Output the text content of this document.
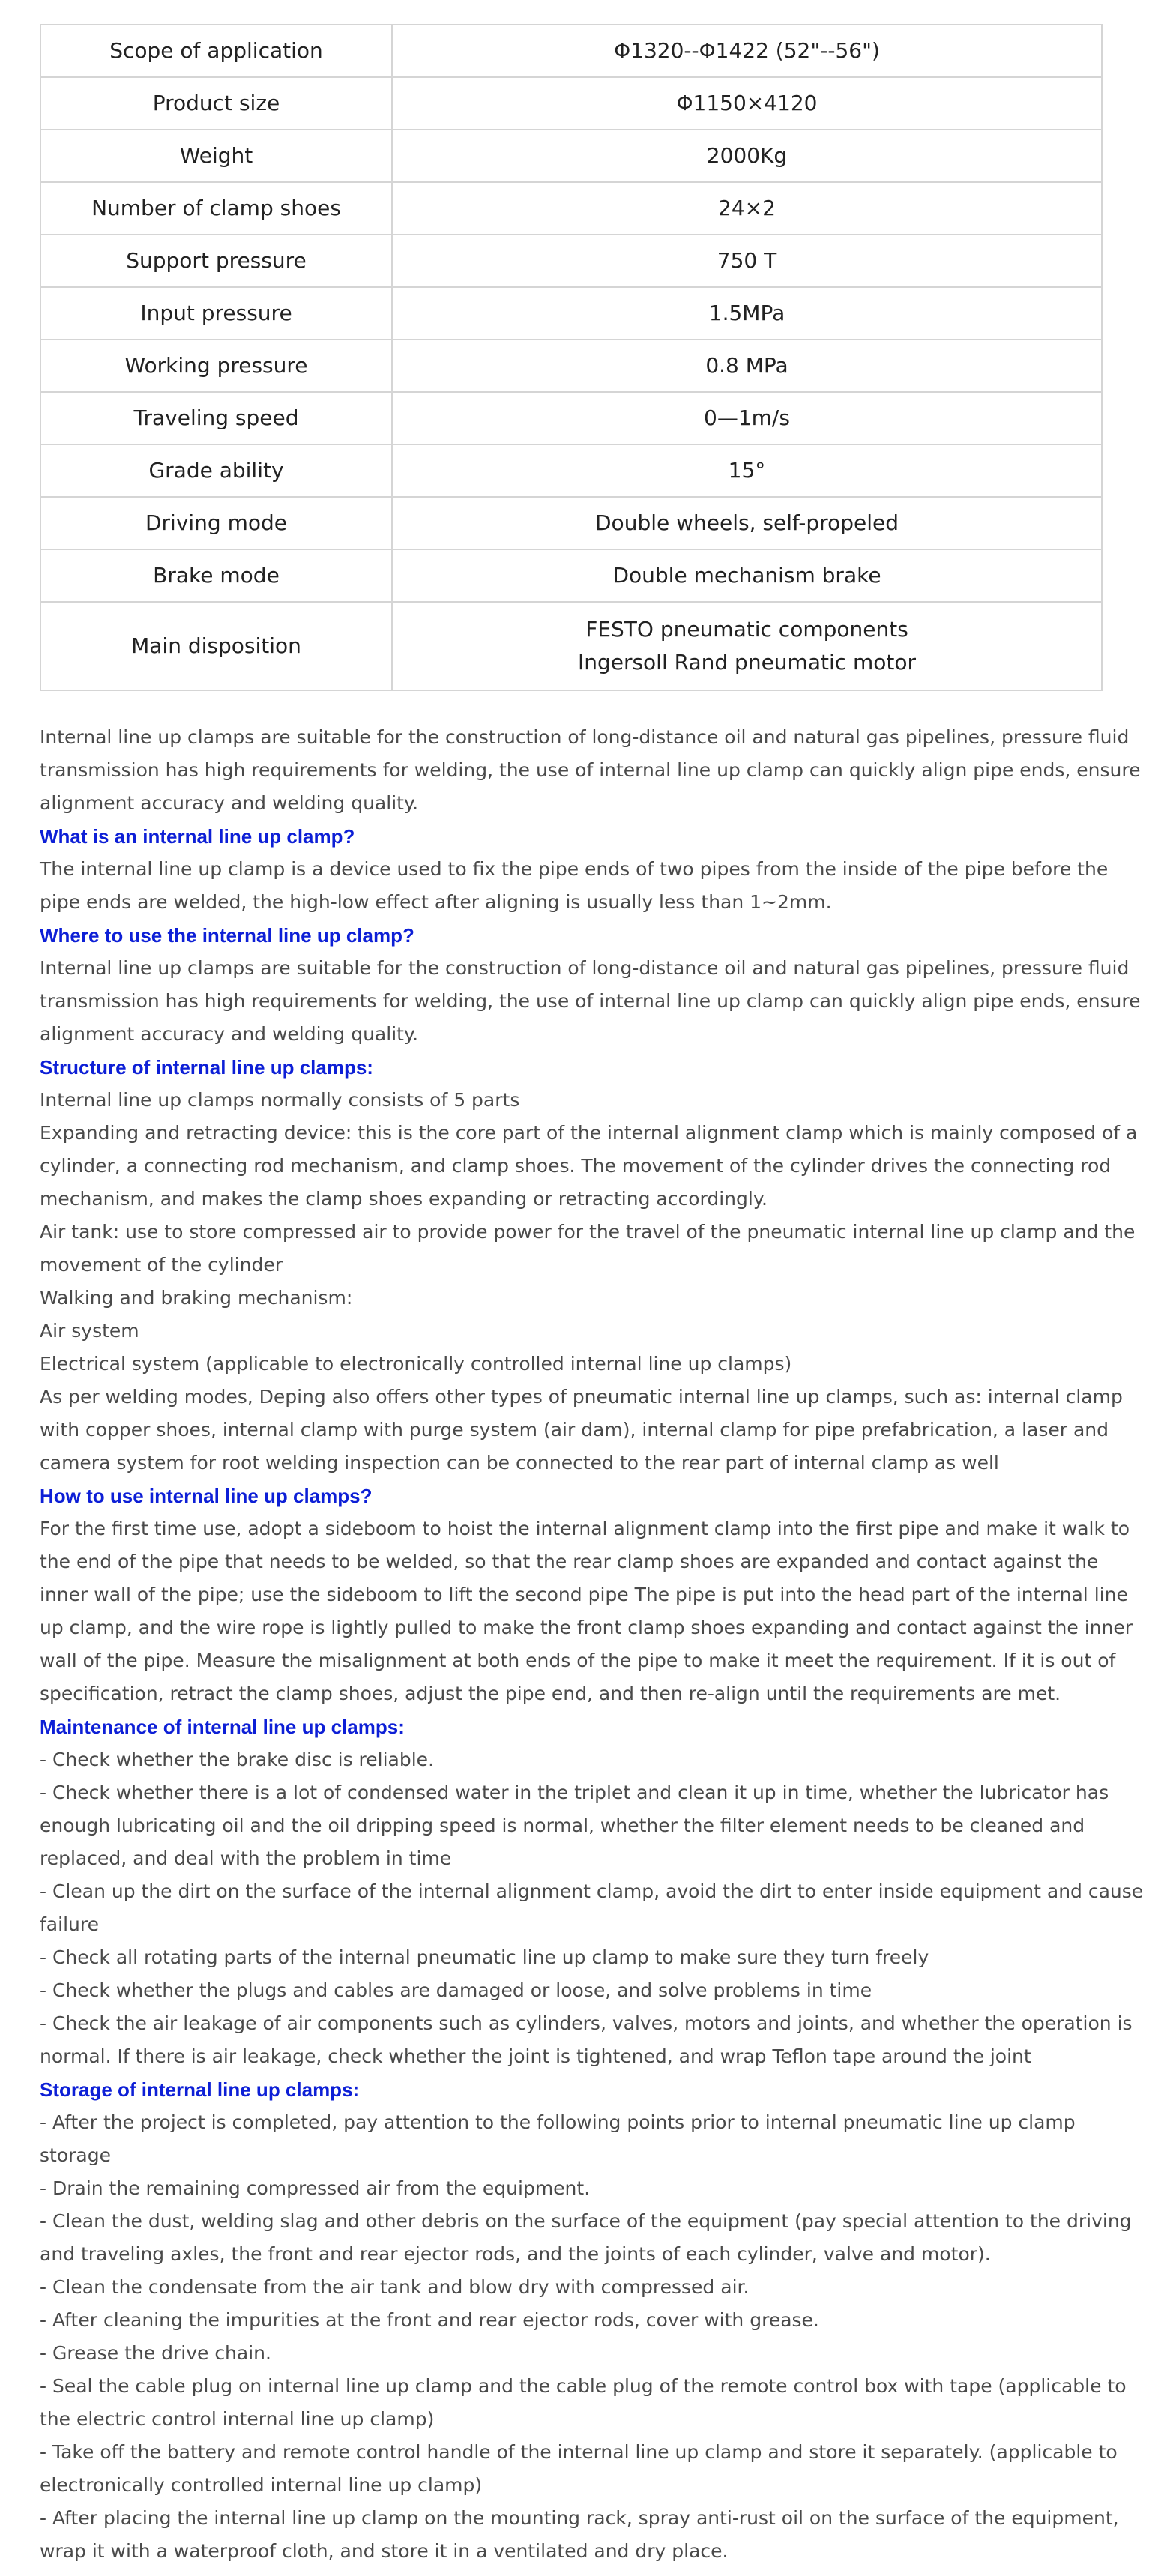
Scope of application	Φ1320--Φ1422 (52"--56")

Product size	Φ1150×4120

Weight	2000Kg

Number of clamp shoes	24×2

Support pressure	750 T

Input pressure	1.5MPa

Working pressure	0.8 MPa

Traveling speed	0—1m/s

Grade ability	15°

Driving mode	Double wheels, self-propeled

Brake mode	Double mechanism brake

Main disposition	FESTO pneumatic components
Ingersoll Rand pneumatic motor

Internal line up clamps are suitable for the construction of long-distance oil and natural gas pipelines, pressure fluid transmission has high requirements for welding, the use of internal line up clamp can quickly align pipe ends, ensure alignment accuracy and welding quality.

What is an internal line up clamp?

The internal line up clamp is a device used to fix the pipe ends of two pipes from the inside of the pipe before the pipe ends are welded, the high-low effect after aligning is usually less than 1~2mm.

Where to use the internal line up clamp?

Internal line up clamps are suitable for the construction of long-distance oil and natural gas pipelines, pressure fluid transmission has high requirements for welding, the use of internal line up clamp can quickly align pipe ends, ensure alignment accuracy and welding quality.

Structure of internal line up clamps:

Internal line up clamps normally consists of 5 parts

Expanding and retracting device: this is the core part of the internal alignment clamp which is mainly composed of a cylinder, a connecting rod mechanism, and clamp shoes. The movement of the cylinder drives the connecting rod mechanism, and makes the clamp shoes expanding or retracting accordingly.

Air tank: use to store compressed air to provide power for the travel of the pneumatic internal line up clamp and the movement of the cylinder

Walking and braking mechanism:

Air system

Electrical system (applicable to electronically controlled internal line up clamps)

As per welding modes, Deping also offers other types of pneumatic internal line up clamps, such as: internal clamp with copper shoes, internal clamp with purge system (air dam), internal clamp for pipe prefabrication, a laser and camera system for root welding inspection can be connected to the rear part of internal clamp as well

How to use internal line up clamps?

For the first time use, adopt a sideboom to hoist the internal alignment clamp into the first pipe and make it walk to the end of the pipe that needs to be welded, so that the rear clamp shoes are expanded and contact against the inner wall of the pipe; use the sideboom to lift the second pipe The pipe is put into the head part of the internal line up clamp, and the wire rope is lightly pulled to make the front clamp shoes expanding and contact against the inner wall of the pipe. Measure the misalignment at both ends of the pipe to make it meet the requirement. If it is out of specification, retract the clamp shoes, adjust the pipe end, and then re-align until the requirements are met.

Maintenance of internal line up clamps:

- Check whether the brake disc is reliable.

- Check whether there is a lot of condensed water in the triplet and clean it up in time, whether the lubricator has enough lubricating oil and the oil dripping speed is normal, whether the filter element needs to be cleaned and replaced, and deal with the problem in time

- Clean up the dirt on the surface of the internal alignment clamp, avoid the dirt to enter inside equipment and cause failure

- Check all rotating parts of the internal pneumatic line up clamp to make sure they turn freely

- Check whether the plugs and cables are damaged or loose, and solve problems in time

- Check the air leakage of air components such as cylinders, valves, motors and joints, and whether the operation is normal. If there is air leakage, check whether the joint is tightened, and wrap Teflon tape around the joint

Storage of internal line up clamps:

- After the project is completed, pay attention to the following points prior to internal pneumatic line up clamp storage

- Drain the remaining compressed air from the equipment.

- Clean the dust, welding slag and other debris on the surface of the equipment (pay special attention to the driving and traveling axles, the front and rear ejector rods, and the joints of each cylinder, valve and motor).

- Clean the condensate from the air tank and blow dry with compressed air.

- After cleaning the impurities at the front and rear ejector rods, cover with grease.

- Grease the drive chain.

- Seal the cable plug on internal line up clamp and the cable plug of the remote control box with tape (applicable to the electric control internal line up clamp)

- Take off the battery and remote control handle of the internal line up clamp and store it separately. (applicable to electronically controlled internal line up clamp)

- After placing the internal line up clamp on the mounting rack, spray anti-rust oil on the surface of the equipment, wrap it with a waterproof cloth, and store it in a ventilated and dry place.
